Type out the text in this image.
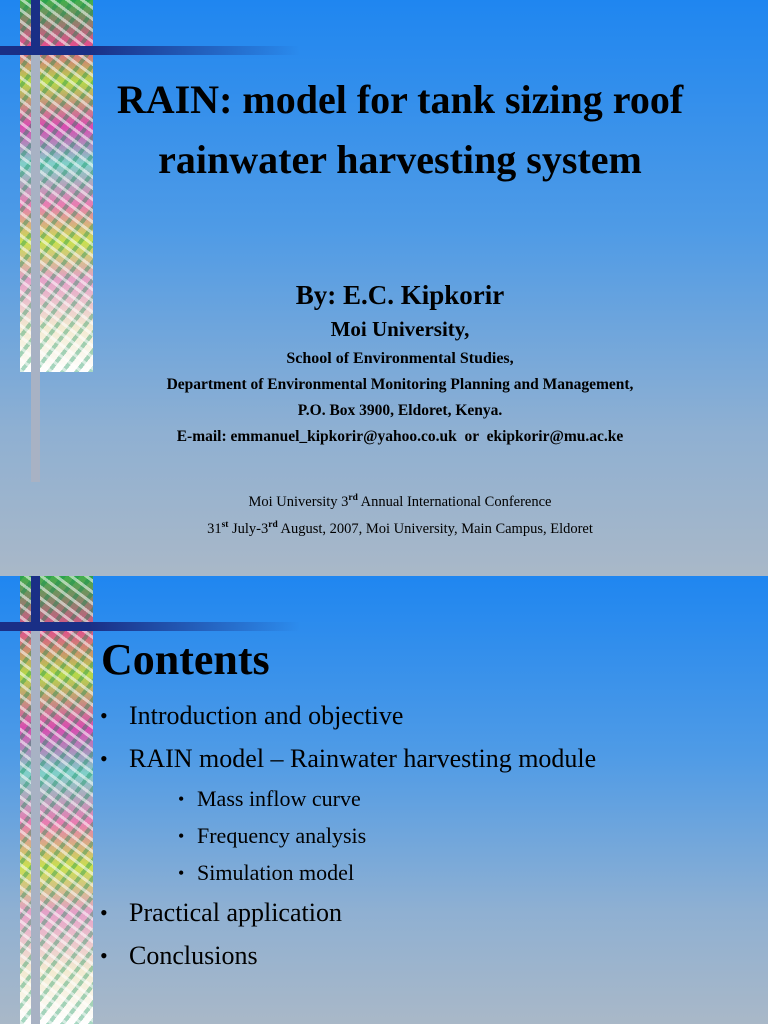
RAIN: model for tank sizing roof rainwater harvesting system

By: E.C. Kipkorir

Moi University,

School of Environmental Studies,

Department of Environmental Monitoring Planning and Management,

P.O. Box 3900, Eldoret, Kenya.

E-mail: emmanuel_kipkorir@yahoo.co.uk  or  ekipkorir@mu.ac.ke

Moi University 3rd Annual International Conference

31st July-3rd August, 2007, Moi University, Main Campus, Eldoret

Contents
• Introduction and objective
• RAIN model – Rainwater harvesting module
• Mass inflow curve
• Frequency analysis
• Simulation model
• Practical application
• Conclusions
